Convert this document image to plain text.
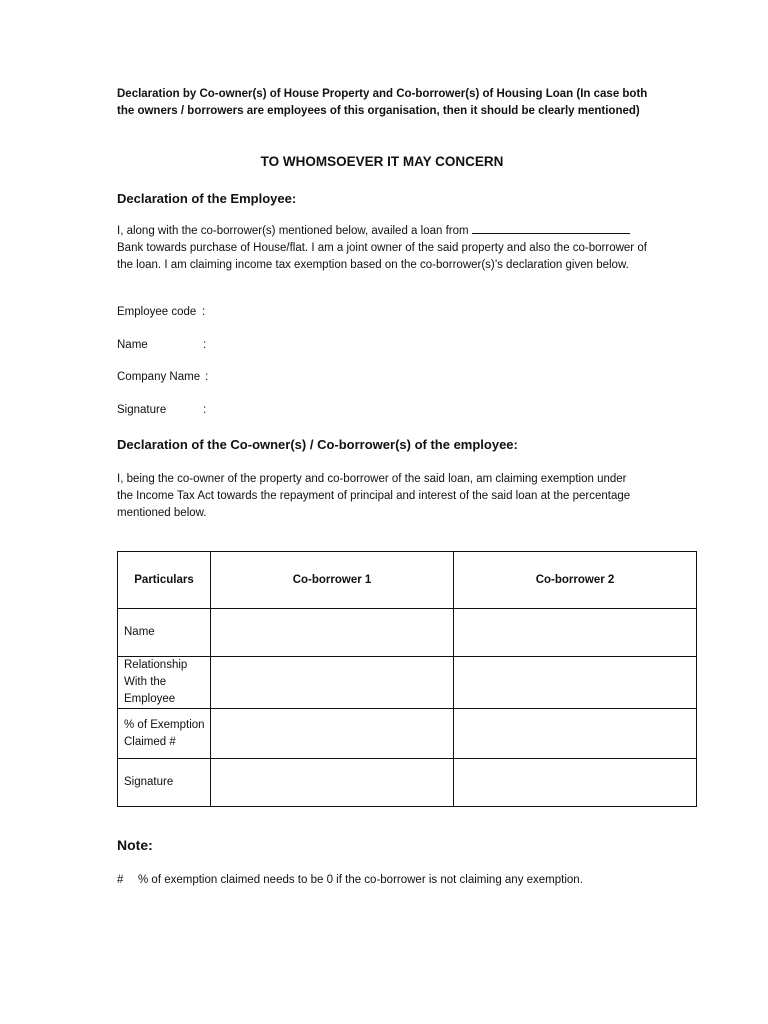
Declaration by Co-owner(s) of House Property and Co-borrower(s) of Housing Loan (In case both the owners / borrowers are employees of this organisation, then it should be clearly mentioned)
TO WHOMSOEVER IT MAY CONCERN
Declaration of the Employee:
I, along with the co-borrower(s) mentioned below, availed a loan from  Bank towards purchase of House/flat. I am a joint owner of the said property and also the co-borrower of the loan. I am claiming income tax exemption based on the co-borrower(s)’s declaration given below.
Employee code :
Name	:
Company Name :
Signature	:
Declaration of the Co-owner(s) / Co-borrower(s) of the employee:
I, being the co-owner of the property and co-borrower of the said loan, am claiming exemption under the Income Tax Act towards the repayment of principal and interest of the said loan at the percentage mentioned below.
Particulars	Co-borrower 1	Co-borrower 2
Name		
Relationship With the Employee		
% of Exemption Claimed #		
Signature		
Note:
# % of exemption claimed needs to be 0 if the co-borrower is not claiming any exemption.
